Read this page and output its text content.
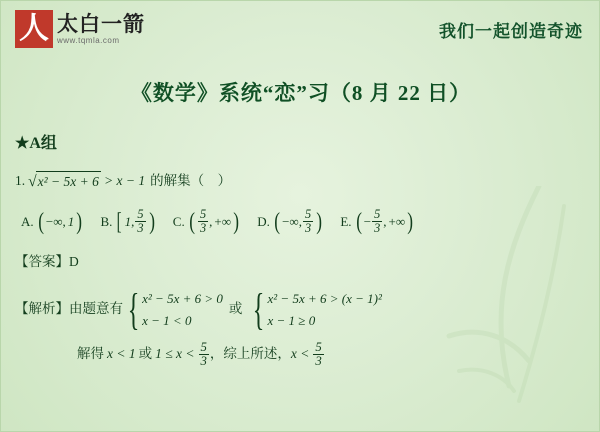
人 太白一箭
www.tqmla.com	我们一起创造奇迹
《数学》系统“恋”习（8 月 22 日）
★A组
1. √ x² − 5x + 6 > x − 1 的解集（　）
A. ( −∞ , 1 ) B. [ 1 , $\frac{5}{3}$ ) C. ( $\frac{5}{3}$ , +∞ ) D. ( −∞ , $\frac{5}{3}$ ) E. ( − $\frac{5}{3}$ , +∞ )
【答案】D
【解析】由题意有 { x² − 5x + 6 > 0
x − 1 < 0
或 { x² − 5x + 6 > (x − 1)²
x − 1 ≥ 0
解得 x < 1 或 $1 \le x < \frac{5}{3}$ ，综上所述， $x < \frac{5}{3}$
